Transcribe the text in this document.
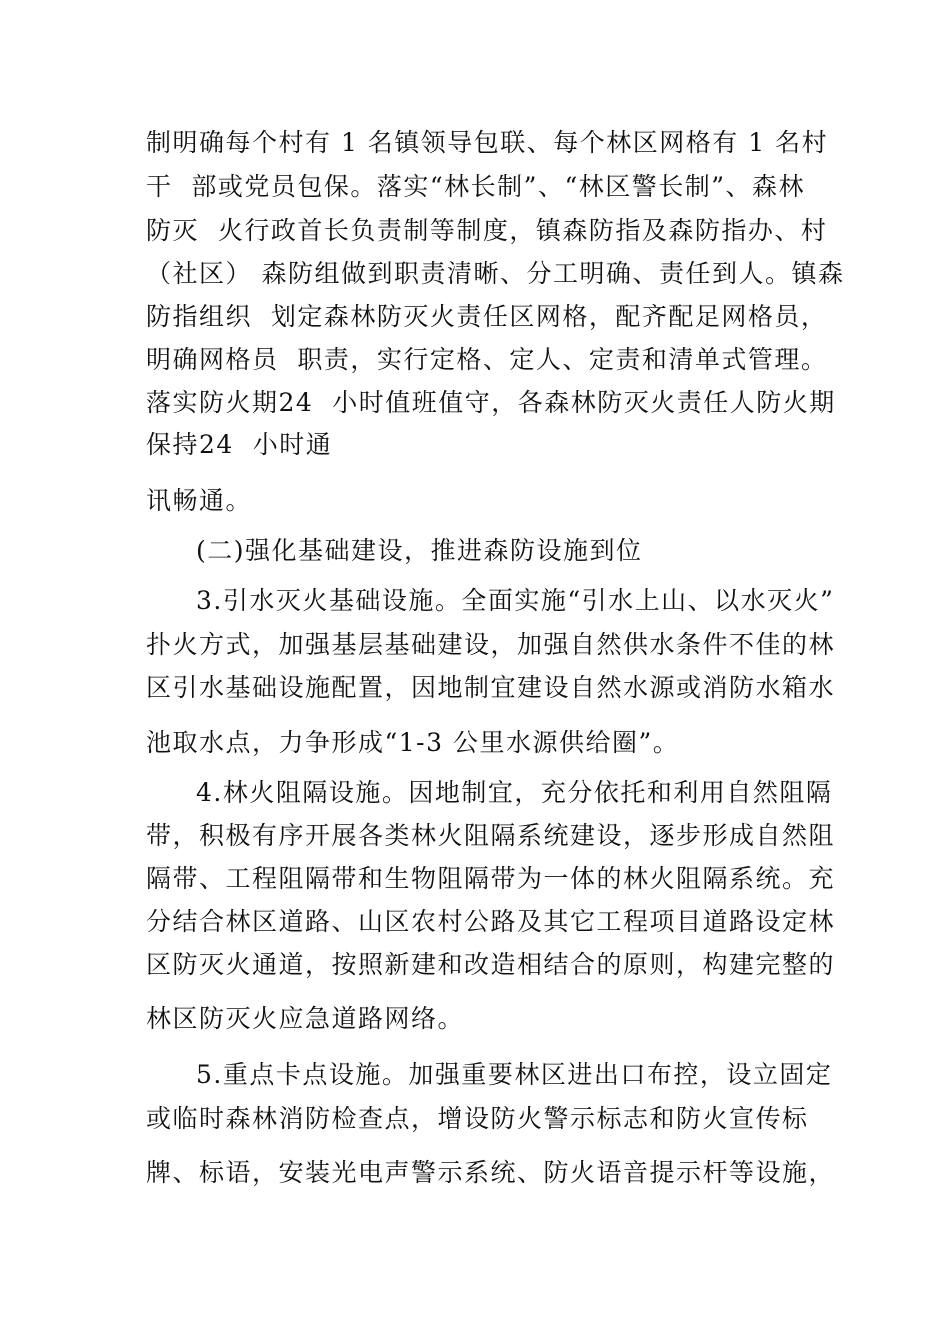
制明确每个村有 1 名镇领导包联、每个林区网格有 1 名村
干  部或党员包保。落实“林长制”、“林区警长制”、森林
防灭  火行政首长负责制等制度，镇森防指及森防指办、村
（社区） 森防组做到职责清晰、分工明确、责任到人。镇森
防指组织  划定森林防灭火责任区网格，配齐配足网格员，
明确网格员  职责，实行定格、定人、定责和清单式管理。
落实防火期24  小时值班值守，各森林防灭火责任人防火期
保持24  小时通
讯畅通。
(二)强化基础建设，推进森防设施到位
3.引水灭火基础设施。全面实施“引水上山、以水灭火”
扑火方式，加强基层基础建设，加强自然供水条件不佳的林
区引水基础设施配置，因地制宜建设自然水源或消防水箱水
池取水点，力争形成“1-3 公里水源供给圈”。
4.林火阻隔设施。因地制宜，充分依托和利用自然阻隔
带，积极有序开展各类林火阻隔系统建设，逐步形成自然阻
隔带、工程阻隔带和生物阻隔带为一体的林火阻隔系统。充
分结合林区道路、山区农村公路及其它工程项目道路设定林
区防灭火通道，按照新建和改造相结合的原则，构建完整的
林区防灭火应急道路网络。
5.重点卡点设施。加强重要林区进出口布控，设立固定
或临时森林消防检查点，增设防火警示标志和防火宣传标
牌、标语，安装光电声警示系统、防火语音提示杆等设施，
